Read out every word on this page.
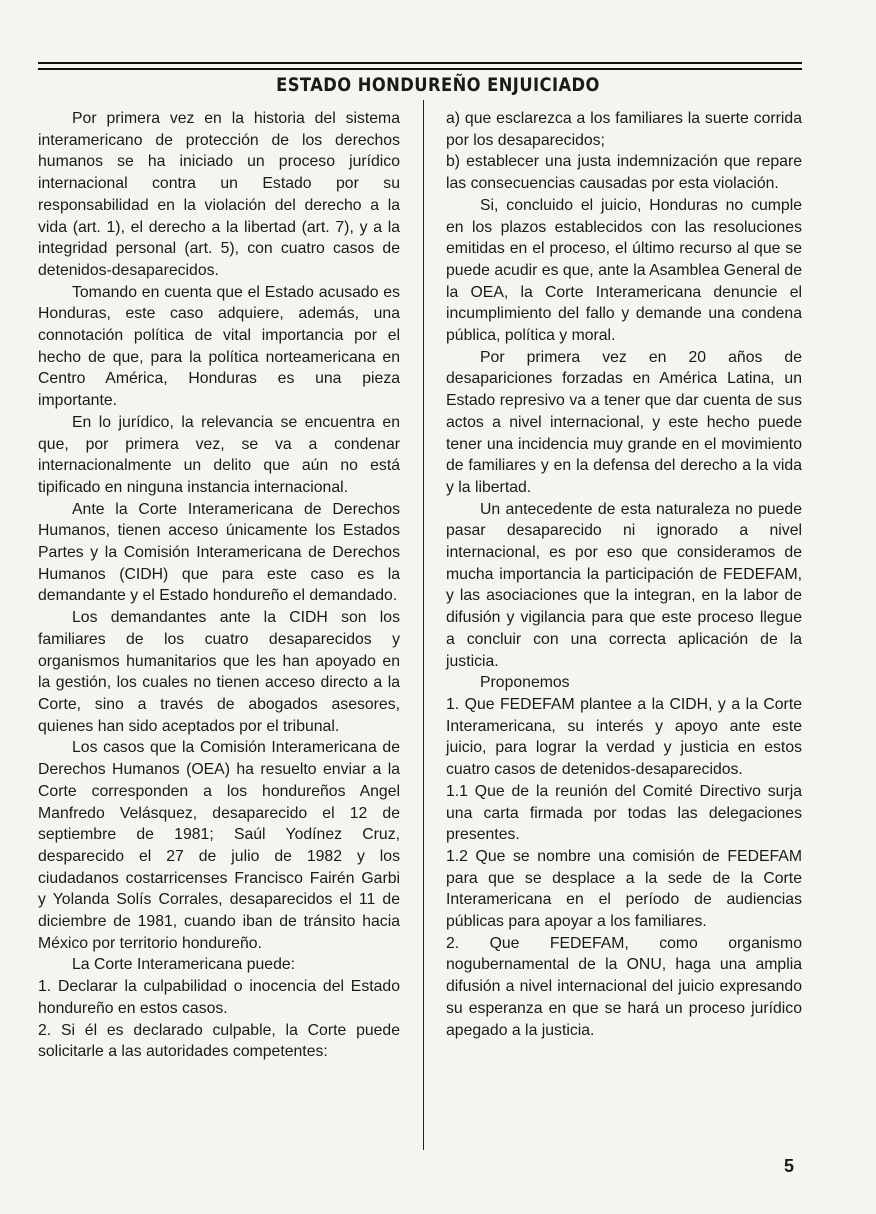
ESTADO HONDUREÑO ENJUICIADO

Por primera vez en la historia del sistema interamericano de protección de los derechos humanos se ha iniciado un proceso jurídico internacional contra un Estado por su responsabilidad en la violación del derecho a la vida (art. 1), el derecho a la libertad (art. 7), y a la integridad personal (art. 5), con cuatro casos de detenidos-desaparecidos.

Tomando en cuenta que el Estado acusado es Honduras, este caso adquiere, además, una connotación política de vital importancia por el hecho de que, para la política norteamericana en Centro América, Honduras es una pieza importante.

En lo jurídico, la relevancia se encuentra en que, por primera vez, se va a condenar internacionalmente un delito que aún no está tipificado en ninguna instancia internacional.

Ante la Corte Interamericana de Derechos Humanos, tienen acceso únicamente los Estados Partes y la Comisión Interamericana de Derechos Humanos (CIDH) que para este caso es la demandante y el Estado hondureño el demandado.

Los demandantes ante la CIDH son los familiares de los cuatro desaparecidos y organismos humanitarios que les han apoyado en la gestión, los cuales no tienen acceso directo a la Corte, sino a través de abogados asesores, quienes han sido aceptados por el tribunal.

Los casos que la Comisión Interamericana de Derechos Humanos (OEA) ha resuelto enviar a la Corte corresponden a los hondureños Angel Manfredo Velásquez, desaparecido el 12 de septiembre de 1981; Saúl Yodínez Cruz, desparecido el 27 de julio de 1982 y los ciudadanos costarricenses Francisco Fairén Garbi y Yolanda Solís Corrales, desaparecidos el 11 de diciembre de 1981, cuando iban de tránsito hacia México por territorio hondureño.

La Corte Interamericana puede:

1. Declarar la culpabilidad o inocencia del Estado hondureño en estos casos.

2. Si él es declarado culpable, la Corte puede solicitarle a las autoridades competentes:

a) que esclarezca a los familiares la suerte corrida por los desaparecidos;

b) establecer una justa indemnización que repare las consecuencias causadas por esta violación.

Si, concluido el juicio, Honduras no cumple en los plazos establecidos con las resoluciones emitidas en el proceso, el último recurso al que se puede acudir es que, ante la Asamblea General de la OEA, la Corte Interamericana denuncie el incumplimiento del fallo y demande una condena pública, política y moral.

Por primera vez en 20 años de desapariciones forzadas en América Latina, un Estado represivo va a tener que dar cuenta de sus actos a nivel internacional, y este hecho puede tener una incidencia muy grande en el movimiento de familiares y en la defensa del derecho a la vida y la libertad.

Un antecedente de esta naturaleza no puede pasar desaparecido ni ignorado a nivel internacional, es por eso que consideramos de mucha importancia la participación de FEDEFAM, y las asociaciones que la integran, en la labor de difusión y vigilancia para que este proceso llegue a concluir con una correcta aplicación de la justicia.

Proponemos

1. Que FEDEFAM plantee a la CIDH, y a la Corte Interamericana, su interés y apoyo ante este juicio, para lograr la verdad y justicia en estos cuatro casos de detenidos-desaparecidos.

1.1 Que de la reunión del Comité Directivo surja una carta firmada por todas las delegaciones presentes.

1.2 Que se nombre una comisión de FEDEFAM para que se desplace a la sede de la Corte Interamericana en el período de audiencias públicas para apoyar a los familiares.

2. Que FEDEFAM, como organismo nogubernamental de la ONU, haga una amplia difusión a nivel internacional del juicio expresando su esperanza en que se hará un proceso jurídico apegado a la justicia.

5
